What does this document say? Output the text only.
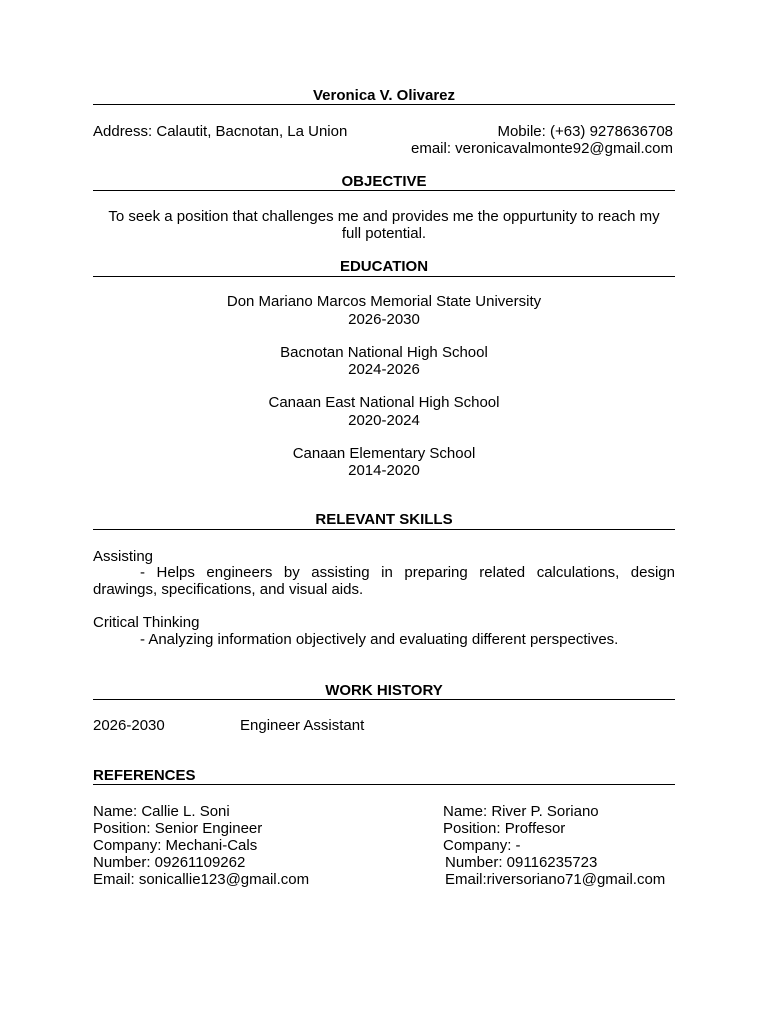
Veronica V. Olivarez
Address: Calautit, Bacnotan, La Union	Mobile: (+63) 9278636708
email: veronicavalmonte92@gmail.com
OBJECTIVE
To seek a position that challenges me and provides me the oppurtunity to reach my
full potential.
EDUCATION
Don Mariano Marcos Memorial State University
2026-2030
Bacnotan National High School
2024-2026
Canaan East National High School
2020-2024
Canaan Elementary School
2014-2020
RELEVANT SKILLS
Assisting
- Helps engineers by assisting in preparing related calculations, design drawings, specifications, and visual aids.
Critical Thinking
- Analyzing information objectively and evaluating different perspectives.
WORK HISTORY
2026-2030	Engineer Assistant
REFERENCES
Name: Callie L. Soni
Position: Senior Engineer
Company: Mechani-Cals
Number: 09261109262
Email: sonicallie123@gmail.com
Name: River P. Soriano
Position: Proffesor
Company: -
Number: 09116235723
Email:riversoriano71@gmail.com
